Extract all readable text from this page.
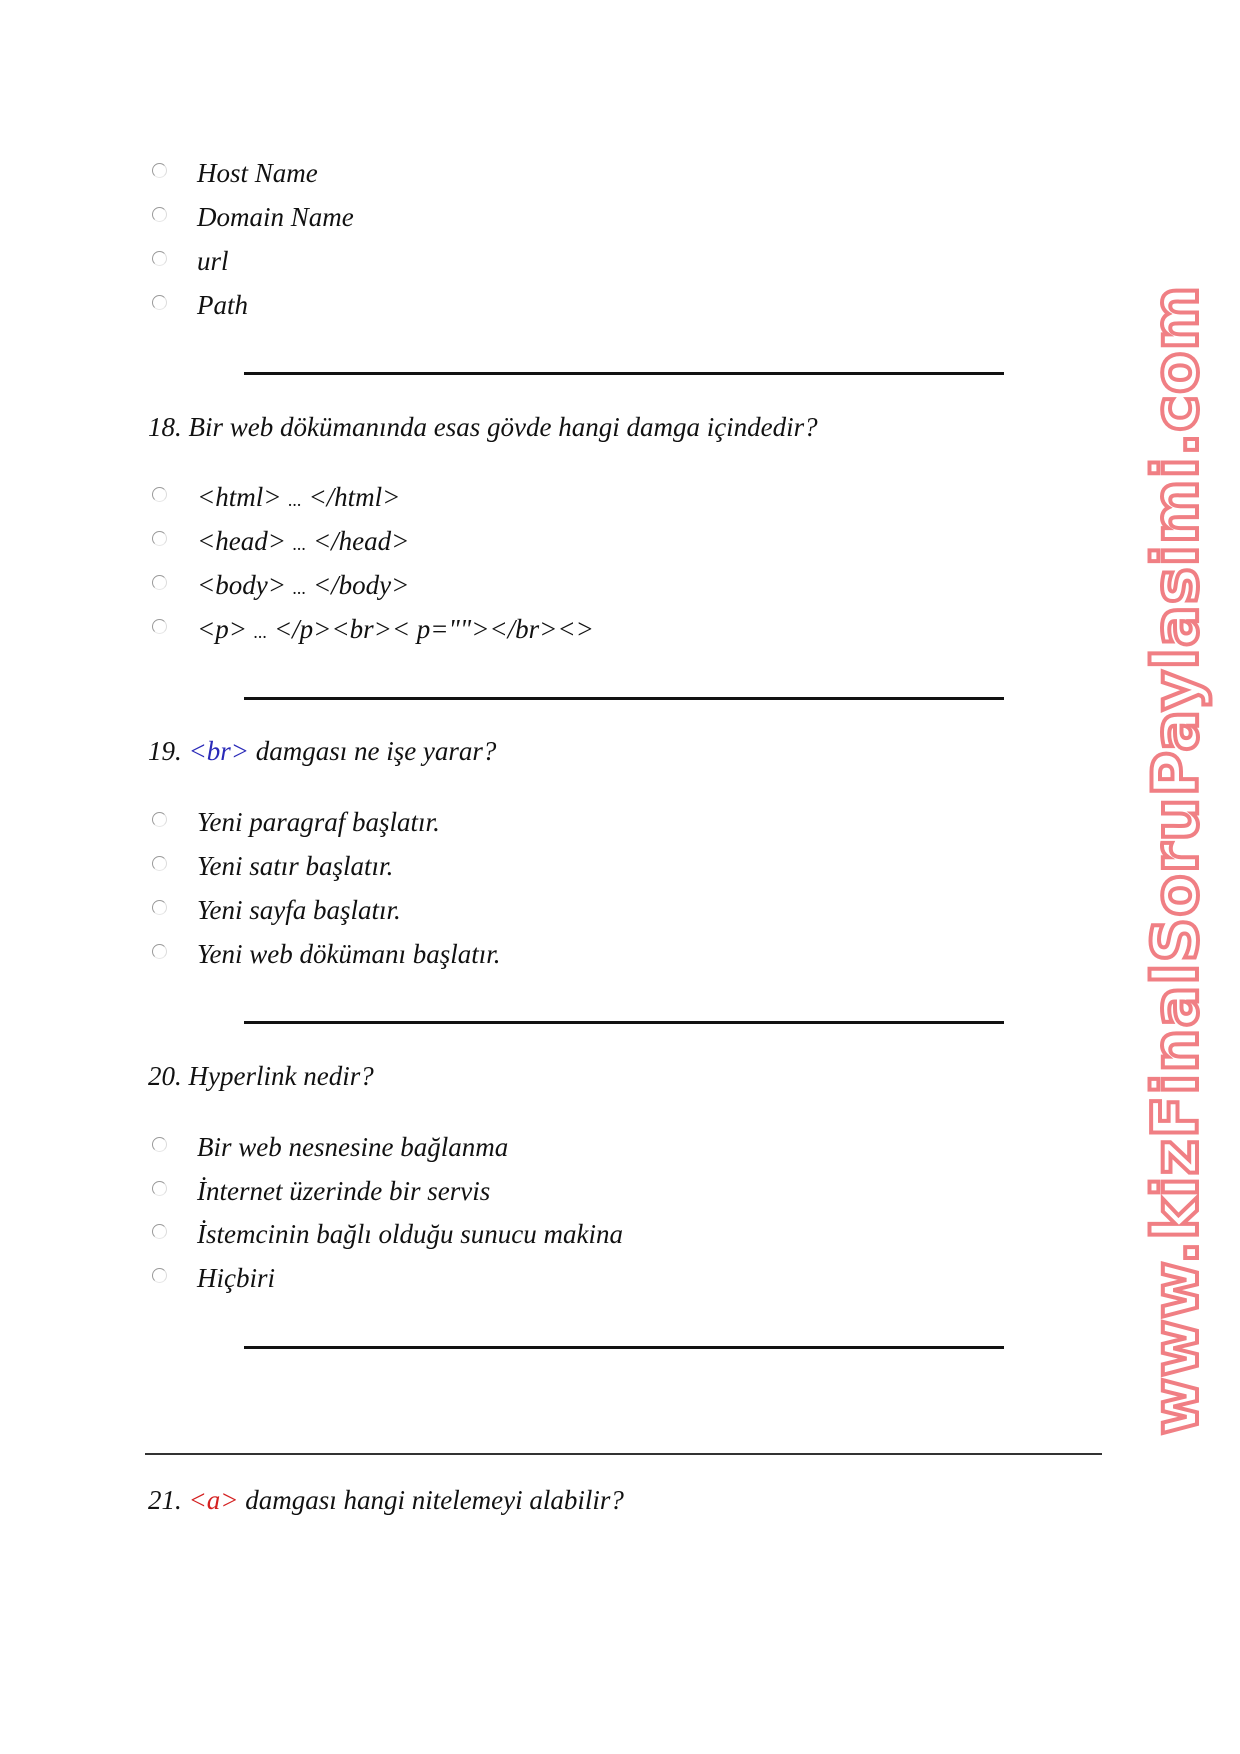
Host Name
Domain Name
url
Path
18. Bir web dökümanında esas gövde hangi damga içindedir?
<html> ... </html>
<head> ... </head>
<body> ... </body>
<p> ... </p><br>< p=""></br><>
19. <br> damgası ne işe yarar?
Yeni paragraf başlatır.
Yeni satır başlatır.
Yeni sayfa başlatır.
Yeni web dökümanı başlatır.
20. Hyperlink nedir?
Bir web nesnesine bağlanma
İnternet üzerinde bir servis
İstemcinin bağlı olduğu sunucu makina
Hiçbiri
21. <a> damgası hangi nitelemeyi alabilir?
www.kizFinalSoruPaylasimi.com
